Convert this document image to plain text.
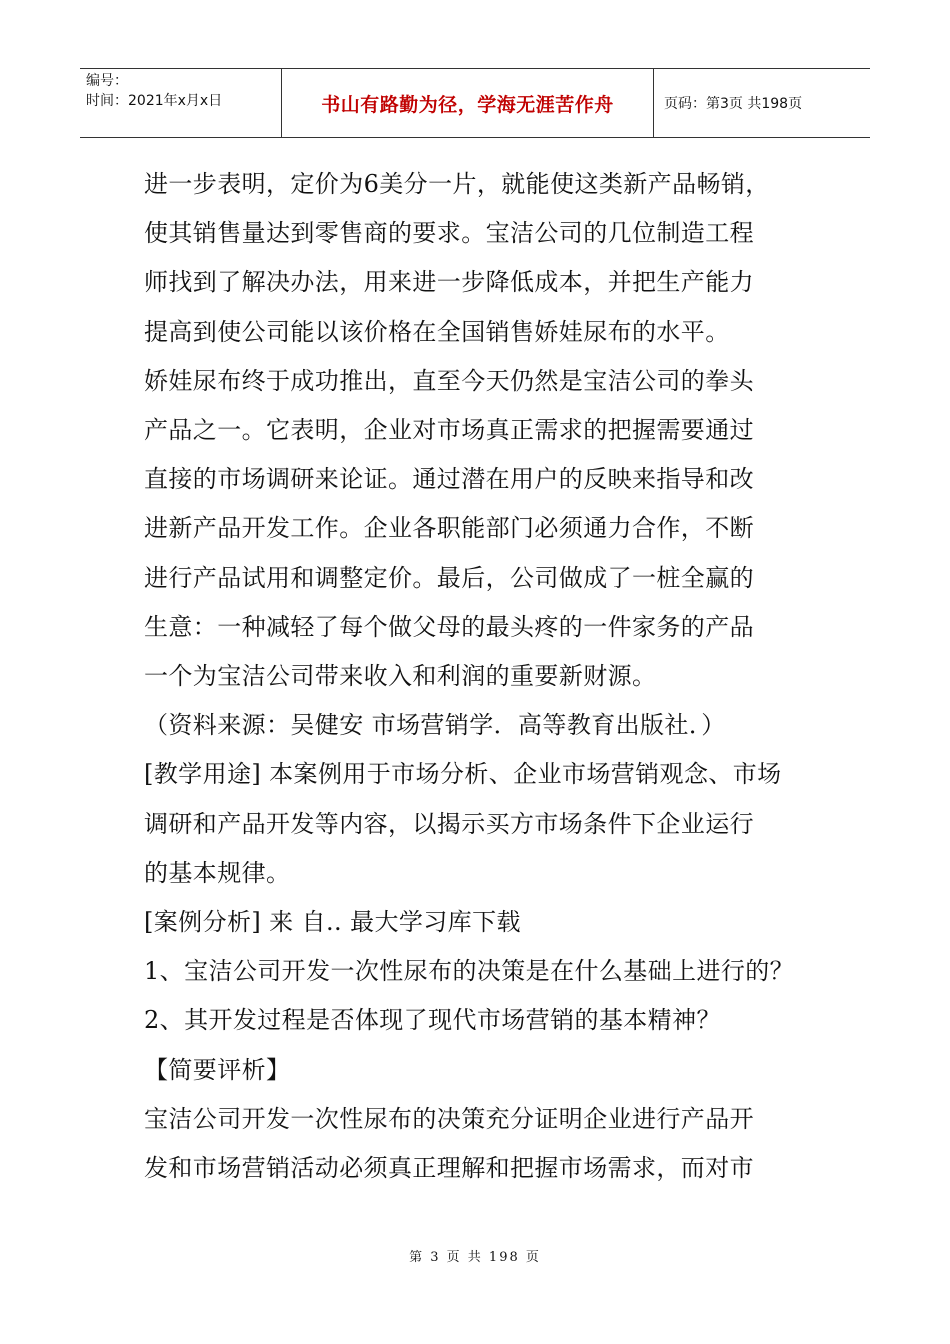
编号：
时间：2021年x月x日	书山有路勤为径，学海无涯苦作舟	页码：第3页 共198页

进一步表明，定价为6美分一片，就能使这类新产品畅销，

使其销售量达到零售商的要求。宝洁公司的几位制造工程

师找到了解决办法，用来进一步降低成本，并把生产能力

提高到使公司能以该价格在全国销售娇娃尿布的水平。

娇娃尿布终于成功推出，直至今天仍然是宝洁公司的拳头

产品之一。它表明，企业对市场真正需求的把握需要通过

直接的市场调研来论证。通过潜在用户的反映来指导和改

进新产品开发工作。企业各职能部门必须通力合作，不断

进行产品试用和调整定价。最后，公司做成了一桩全赢的

生意：一种减轻了每个做父母的最头疼的一件家务的产品

一个为宝洁公司带来收入和利润的重要新财源。

（资料来源：吴健安 市场营销学．高等教育出版社．）

[教学用途] 本案例用于市场分析、企业市场营销观念、市场

调研和产品开发等内容，以揭示买方市场条件下企业运行

的基本规律。

[案例分析] 来 自.. 最大学习库下载

1、宝洁公司开发一次性尿布的决策是在什么基础上进行的？

2、其开发过程是否体现了现代市场营销的基本精神？

【简要评析】

宝洁公司开发一次性尿布的决策充分证明企业进行产品开

发和市场营销活动必须真正理解和把握市场需求，而对市

第 3 页 共 198 页
